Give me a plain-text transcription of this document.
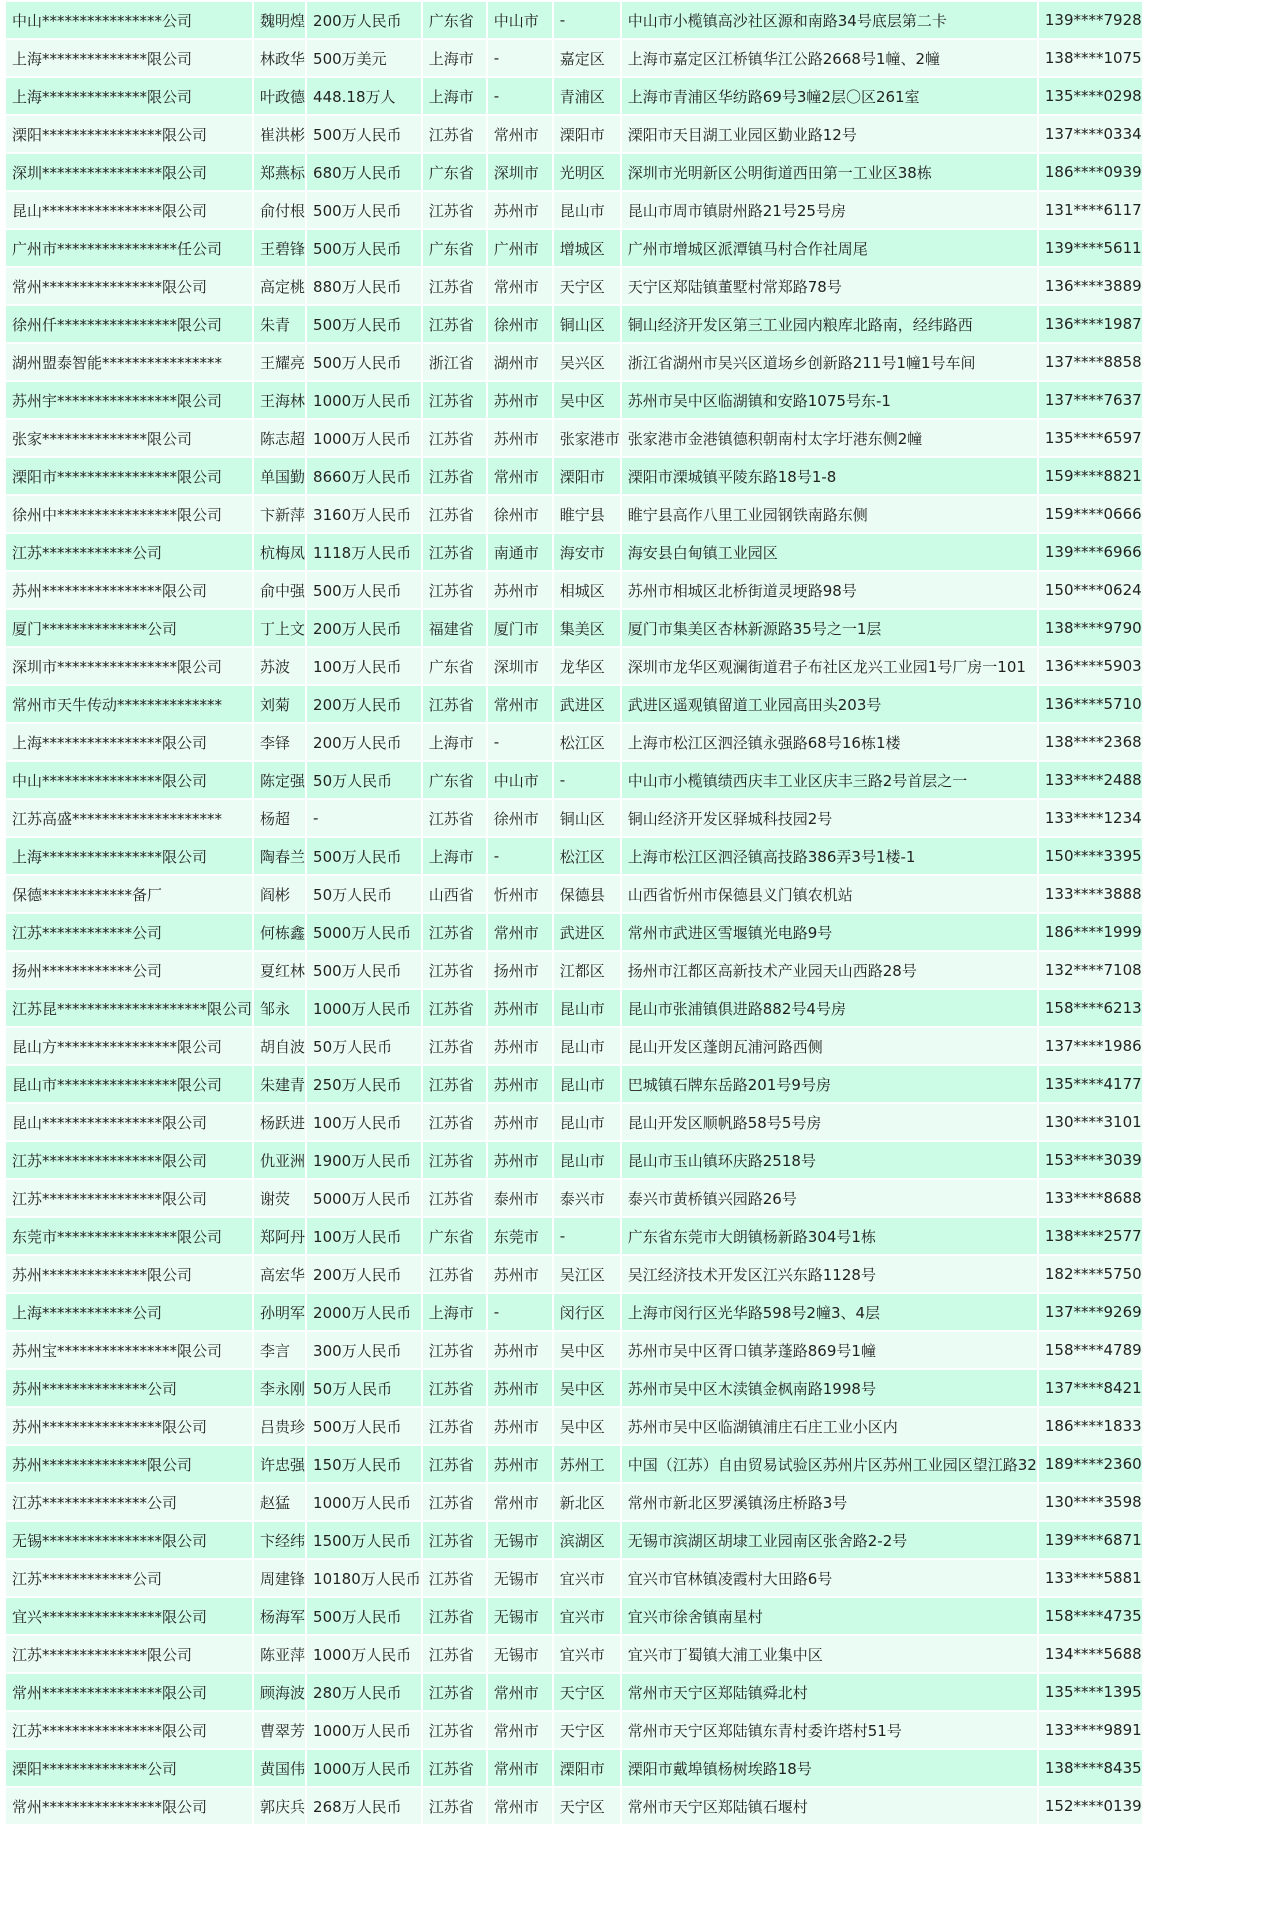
中山****************公司	魏明煌	200万人民币	广东省	中山市	-	中山市小榄镇高沙社区源和南路34号底层第二卡	139****7928
上海**************限公司	林政华	500万美元	上海市	-	嘉定区	上海市嘉定区江桥镇华江公路2668号1幢、2幢	138****1075
上海**************限公司	叶政德	448.18万人	上海市	-	青浦区	上海市青浦区华纺路69号3幢2层〇区261室	135****0298
溧阳****************限公司	崔洪彬	500万人民币	江苏省	常州市	溧阳市	溧阳市天目湖工业园区勤业路12号	137****0334
深圳****************限公司	郑燕标	680万人民币	广东省	深圳市	光明区	深圳市光明新区公明街道西田第一工业区38栋	186****0939
昆山****************限公司	俞付根	500万人民币	江苏省	苏州市	昆山市	昆山市周市镇尉州路21号25号房	131****6117
广州市****************任公司	王碧锋	500万人民币	广东省	广州市	增城区	广州市增城区派潭镇马村合作社周尾	139****5611
常州****************限公司	高定桃	880万人民币	江苏省	常州市	天宁区	天宁区郑陆镇董墅村常郑路78号	136****3889
徐州仟****************限公司	朱青	500万人民币	江苏省	徐州市	铜山区	铜山经济开发区第三工业园内粮库北路南，经纬路西	136****1987
湖州盟泰智能****************	王耀亮	500万人民币	浙江省	湖州市	吴兴区	浙江省湖州市吴兴区道场乡创新路211号1幢1号车间	137****8858
苏州宇****************限公司	王海林	1000万人民币	江苏省	苏州市	吴中区	苏州市吴中区临湖镇和安路1075号东-1	137****7637
张家**************限公司	陈志超	1000万人民币	江苏省	苏州市	张家港市	张家港市金港镇德积朝南村太字圩港东侧2幢	135****6597
溧阳市****************限公司	单国勤	8660万人民币	江苏省	常州市	溧阳市	溧阳市溧城镇平陵东路18号1-8	159****8821
徐州中****************限公司	卞新萍	3160万人民币	江苏省	徐州市	睢宁县	睢宁县高作八里工业园钢铁南路东侧	159****0666
江苏************公司	杭梅凤	1118万人民币	江苏省	南通市	海安市	海安县白甸镇工业园区	139****6966
苏州****************限公司	俞中强	500万人民币	江苏省	苏州市	相城区	苏州市相城区北桥街道灵埂路98号	150****0624
厦门**************公司	丁上文	200万人民币	福建省	厦门市	集美区	厦门市集美区杏林新源路35号之一1层	138****9790
深圳市****************限公司	苏波	100万人民币	广东省	深圳市	龙华区	深圳市龙华区观澜街道君子布社区龙兴工业园1号厂房一101	136****5903
常州市天牛传动**************	刘菊	200万人民币	江苏省	常州市	武进区	武进区遥观镇留道工业园高田头203号	136****5710
上海****************限公司	李铎	200万人民币	上海市	-	松江区	上海市松江区泗泾镇永强路68号16栋1楼	138****2368
中山****************限公司	陈定强	50万人民币	广东省	中山市	-	中山市小榄镇绩西庆丰工业区庆丰三路2号首层之一	133****2488
江苏高盛********************	杨超	-	江苏省	徐州市	铜山区	铜山经济开发区驿城科技园2号	133****1234
上海****************限公司	陶春兰	500万人民币	上海市	-	松江区	上海市松江区泗泾镇高技路386弄3号1楼-1	150****3395
保德************备厂	阎彬	50万人民币	山西省	忻州市	保德县	山西省忻州市保德县义门镇农机站	133****3888
江苏************公司	何栋鑫	5000万人民币	江苏省	常州市	武进区	常州市武进区雪堰镇光电路9号	186****1999
扬州************公司	夏红林	500万人民币	江苏省	扬州市	江都区	扬州市江都区高新技术产业园天山西路28号	132****7108
江苏昆********************限公司	邹永	1000万人民币	江苏省	苏州市	昆山市	昆山市张浦镇俱进路882号4号房	158****6213
昆山方****************限公司	胡自波	50万人民币	江苏省	苏州市	昆山市	昆山开发区蓬朗瓦浦河路西侧	137****1986
昆山市****************限公司	朱建青	250万人民币	江苏省	苏州市	昆山市	巴城镇石牌东岳路201号9号房	135****4177
昆山****************限公司	杨跃进	100万人民币	江苏省	苏州市	昆山市	昆山开发区顺帆路58号5号房	130****3101
江苏****************限公司	仇亚洲	1900万人民币	江苏省	苏州市	昆山市	昆山市玉山镇环庆路2518号	153****3039
江苏****************限公司	谢荧	5000万人民币	江苏省	泰州市	泰兴市	泰兴市黄桥镇兴园路26号	133****8688
东莞市****************限公司	郑阿丹	100万人民币	广东省	东莞市	-	广东省东莞市大朗镇杨新路304号1栋	138****2577
苏州**************限公司	高宏华	200万人民币	江苏省	苏州市	吴江区	吴江经济技术开发区江兴东路1128号	182****5750
上海************公司	孙明军	2000万人民币	上海市	-	闵行区	上海市闵行区光华路598号2幢3、4层	137****9269
苏州宝****************限公司	李言	300万人民币	江苏省	苏州市	吴中区	苏州市吴中区胥口镇茅蓬路869号1幢	158****4789
苏州**************公司	李永刚	50万人民币	江苏省	苏州市	吴中区	苏州市吴中区木渎镇金枫南路1998号	137****8421
苏州****************限公司	吕贵珍	500万人民币	江苏省	苏州市	吴中区	苏州市吴中区临湖镇浦庄石庄工业小区内	186****1833
苏州**************限公司	许忠强	150万人民币	江苏省	苏州市	苏州工	中国（江苏）自由贸易试验区苏州片区苏州工业园区望江路32	189****2360
江苏**************公司	赵猛	1000万人民币	江苏省	常州市	新北区	常州市新北区罗溪镇汤庄桥路3号	130****3598
无锡****************限公司	卞经纬	1500万人民币	江苏省	无锡市	滨湖区	无锡市滨湖区胡埭工业园南区张舍路2-2号	139****6871
江苏************公司	周建锋	10180万人民币	江苏省	无锡市	宜兴市	宜兴市官林镇凌霞村大田路6号	133****5881
宜兴****************限公司	杨海军	500万人民币	江苏省	无锡市	宜兴市	宜兴市徐舍镇南星村	158****4735
江苏**************限公司	陈亚萍	1000万人民币	江苏省	无锡市	宜兴市	宜兴市丁蜀镇大浦工业集中区	134****5688
常州****************限公司	顾海波	280万人民币	江苏省	常州市	天宁区	常州市天宁区郑陆镇舜北村	135****1395
江苏****************限公司	曹翠芳	1000万人民币	江苏省	常州市	天宁区	常州市天宁区郑陆镇东青村委许塔村51号	133****9891
溧阳**************公司	黄国伟	1000万人民币	江苏省	常州市	溧阳市	溧阳市戴埠镇杨树埃路18号	138****8435
常州****************限公司	郭庆兵	268万人民币	江苏省	常州市	天宁区	常州市天宁区郑陆镇石堰村	152****0139
